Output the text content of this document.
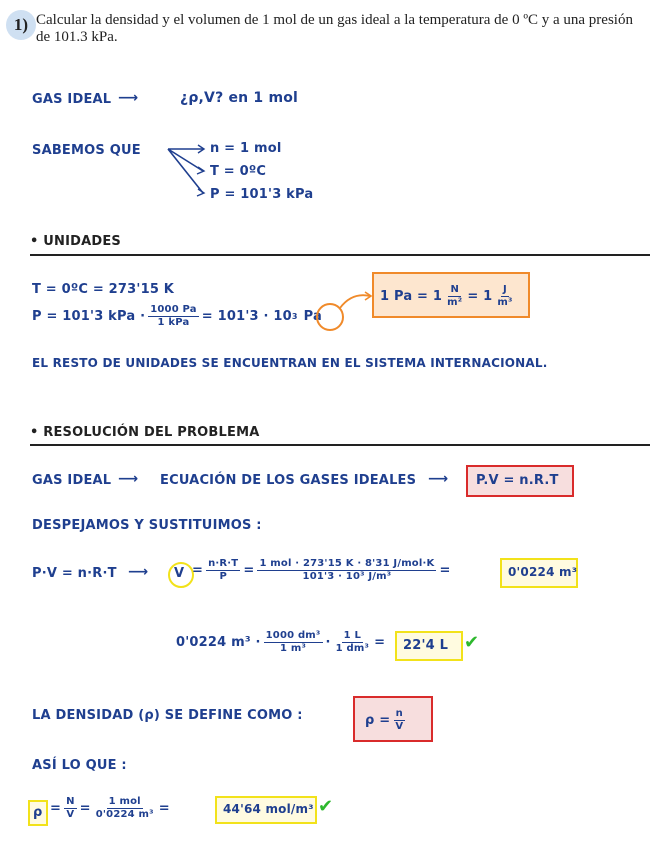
1) Calcular la densidad y el volumen de 1 mol de un gas ideal a la temperatura de 0 ºC y a una presión de 101.3 kPa.
GAS IDEAL ⟶	¿ρ,V? en 1 mol
SABEMOS QUE	n = 1 mol
T = 0ºC
P = 101'3 kPa
• UNIDADES
T = 0ºC = 273'15 K
P = 101'3 kPa · $\frac{1000 Pa}{\text{1 kPa}} = 101'3 \cdot 10$ 3 Pa
1 $Pa = 1 \frac{N}{\text{m²}} = 1 \frac{J}{\text{m³}}$
EL RESTO DE UNIDADES SE ENCUENTRAN EN EL SISTEMA INTERNACIONAL.
• RESOLUCIÓN DEL PROBLEMA
GAS IDEAL ⟶ ECUACIÓN DE LOS GASES IDEALES ⟶ P.V = n.R.T
DESPEJAMOS Y SUSTITUIMOS :
P·V = n·R·T ⟶ $V = \frac{n\cdot R\cdot T}{P} = \frac{\text{1 mol · 273'15 K · 8'31 J/mol·K}}{\text{101'3 · 10³ J/m³}}$ =	0'0224 m³
0'0224 $m^3 \cdot \frac{\text{1000 dm³}}{\text{1 m³}} \cdot \frac{1 L}{\text{1 dm³}} = 22'4$ L ✔
LA DENSIDAD (ρ) SE DEFINE COMO :	$\rho = \frac{n}{V}$
ASÍ LO QUE :
$\rho = \frac{N}{V} = \frac{\text{1 mol}}{\text{0'0224 m³}}$ =	44'64 mol/m³ ✔
